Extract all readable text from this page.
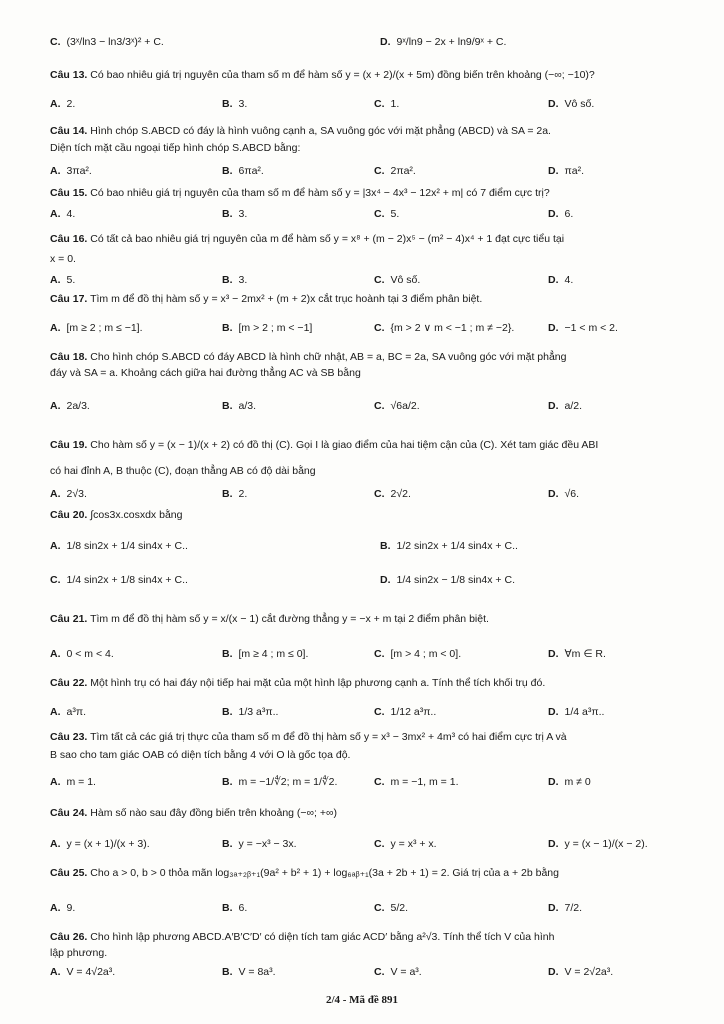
C. (3ˣ/ln3 − ln3/3ˣ)² + C.	D. 9ˣ/ln9 − 2x + ln9/9ˣ + C.
Câu 13. Có bao nhiêu giá trị nguyên của tham số m để hàm số y = (x + 2)/(x + 5m) đồng biến trên khoảng (−∞; −10)?
A. 2.	B. 3.	C. 1.	D. Vô số.
Câu 14. Hình chóp S.ABCD có đáy là hình vuông cạnh a, SA vuông góc với mặt phẳng (ABCD) và SA = 2a.
Diện tích mặt cầu ngoại tiếp hình chóp S.ABCD bằng:
A. 3πa².	B. 6πa².	C. 2πa².	D. πa².
Câu 15. Có bao nhiêu giá trị nguyên của tham số m để hàm số y = |3x⁴ − 4x³ − 12x² + m| có 7 điểm cực trị?
A. 4.	B. 3.	C. 5.	D. 6.
Câu 16. Có tất cả bao nhiêu giá trị nguyên của m để hàm số y = x⁸ + (m − 2)x⁵ − (m² − 4)x⁴ + 1 đạt cực tiểu tại
x = 0.
A. 5.	B. 3.	C. Vô số.	D. 4.
Câu 17. Tìm m để đồ thị hàm số y = x³ − 2mx² + (m + 2)x cắt trục hoành tại 3 điểm phân biệt.
A. [m ≥ 2 ; m ≤ −1].	B. [m > 2 ; m < −1]	C. {m > 2 ∨ m < −1 ; m ≠ −2}.	D. −1 < m < 2.
Câu 18. Cho hình chóp S.ABCD có đáy ABCD là hình chữ nhật, AB = a, BC = 2a, SA vuông góc với mặt phẳng
đáy và SA = a. Khoảng cách giữa hai đường thẳng AC và SB bằng
A. 2a/3.	B. a/3.	C. √6a/2.	D. a/2.
Câu 19. Cho hàm số y = (x − 1)/(x + 2) có đồ thị (C). Gọi I là giao điểm của hai tiệm cận của (C). Xét tam giác đều ABI
có hai đỉnh A, B thuộc (C), đoạn thẳng AB có độ dài bằng
A. 2√3.	B. 2.	C. 2√2.	D. √6.
Câu 20. ∫cos3x.cosxdx bằng
A. 1/8 sin2x + 1/4 sin4x + C..	B. 1/2 sin2x + 1/4 sin4x + C..
C. 1/4 sin2x + 1/8 sin4x + C..	D. 1/4 sin2x − 1/8 sin4x + C.
Câu 21. Tìm m để đồ thị hàm số y = x/(x − 1) cắt đường thẳng y = −x + m tại 2 điểm phân biệt.
A. 0 < m < 4.	B. [m ≥ 4 ; m ≤ 0].	C. [m > 4 ; m < 0].	D. ∀m ∈ R.
Câu 22. Một hình trụ có hai đáy nội tiếp hai mặt của một hình lập phương cạnh a. Tính thể tích khối trụ đó.
A. a³π.	B. 1/3 a³π..	C. 1/12 a³π..	D. 1/4 a³π..
Câu 23. Tìm tất cả các giá trị thực của tham số m để đồ thị hàm số y = x³ − 3mx² + 4m³ có hai điểm cực trị A và
B sao cho tam giác OAB có diện tích bằng 4 với O là gốc tọa độ.
A. m = 1.	B. m = −1/∜2; m = 1/∜2.	C. m = −1, m = 1.	D. m ≠ 0
Câu 24. Hàm số nào sau đây đồng biến trên khoảng (−∞; +∞)
A. y = (x + 1)/(x + 3).	B. y = −x³ − 3x.	C. y = x³ + x.	D. y = (x − 1)/(x − 2).
Câu 25. Cho a > 0, b > 0 thỏa mãn log₃ₐ₊₂ᵦ₊₁(9a² + b² + 1) + log₆ₐᵦ₊₁(3a + 2b + 1) = 2. Giá trị của a + 2b bằng
A. 9.	B. 6.	C. 5/2.	D. 7/2.
Câu 26. Cho hình lập phương ABCD.A′B′C′D′ có diện tích tam giác ACD′ bằng a²√3. Tính thể tích V của hình
lập phương.
A. V = 4√2a³.	B. V = 8a³.	C. V = a³.	D. V = 2√2a³.
2/4 - Mã đề 891
